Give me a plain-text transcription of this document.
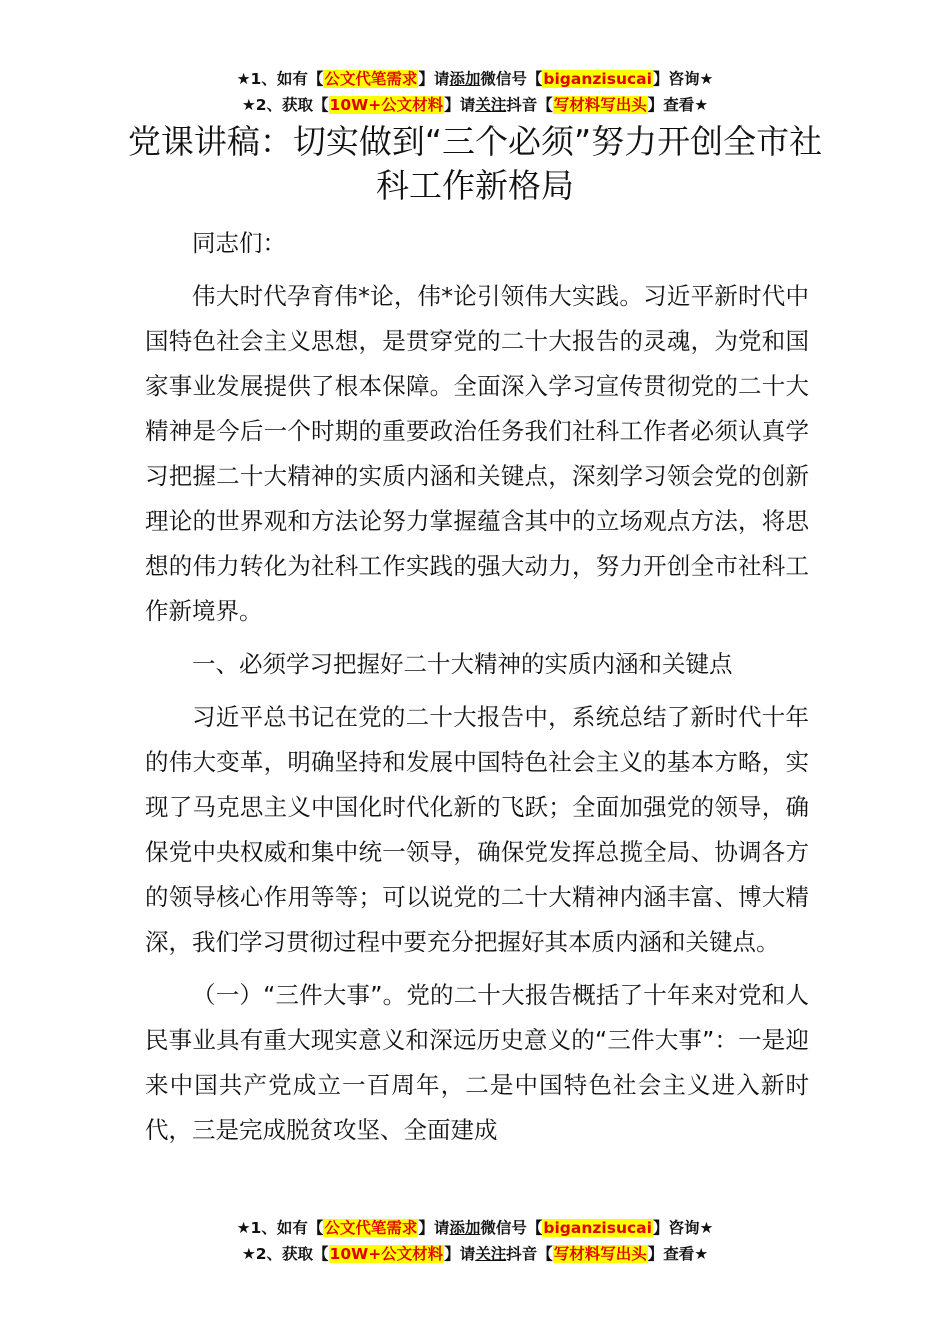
★1、如有【公文代笔需求】请添加微信号【biganzisucai】咨询★
★2、获取【10W+公文材料】请关注抖音【写材料写出头】查看★
党课讲稿：切实做到“三个必须”努力开创全市社科工作新格局

同志们：

伟大时代孕育伟*论，伟*论引领伟大实践。习近平新时代中国特色社会主义思想，是贯穿党的二十大报告的灵魂，为党和国家事业发展提供了根本保障。全面深入学习宣传贯彻党的二十大精神是今后一个时期的重要政治任务我们社科工作者必须认真学习把握二十大精神的实质内涵和关键点，深刻学习领会党的创新理论的世界观和方法论努力掌握蕴含其中的立场观点方法，将思想的伟力转化为社科工作实践的强大动力，努力开创全市社科工作新境界。

一、必须学习把握好二十大精神的实质内涵和关键点

习近平总书记在党的二十大报告中，系统总结了新时代十年的伟大变革，明确坚持和发展中国特色社会主义的基本方略，实现了马克思主义中国化时代化新的飞跃；全面加强党的领导，确保党中央权威和集中统一领导，确保党发挥总揽全局、协调各方的领导核心作用等等；可以说党的二十大精神内涵丰富、博大精深，我们学习贯彻过程中要充分把握好其本质内涵和关键点。

（一）“三件大事”。党的二十大报告概括了十年来对党和人民事业具有重大现实意义和深远历史意义的“三件大事”：一是迎来中国共产党成立一百周年，二是中国特色社会主义进入新时代，三是完成脱贫攻坚、全面建成

★1、如有【公文代笔需求】请添加微信号【biganzisucai】咨询★
★2、获取【10W+公文材料】请关注抖音【写材料写出头】查看★
